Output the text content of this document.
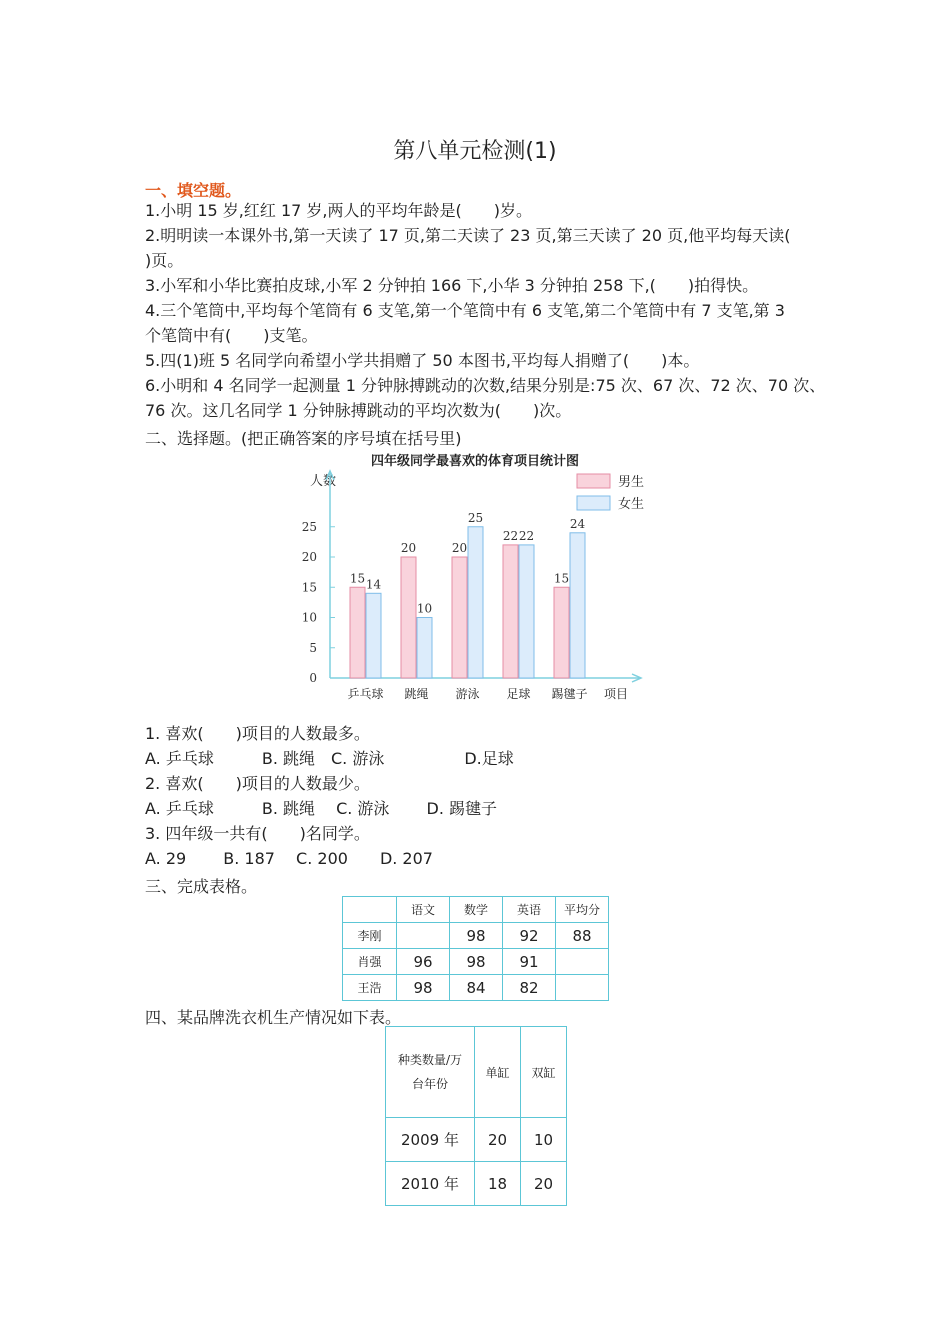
第八单元检测(1)
一、填空题。
1.小明 15 岁,红红 17 岁,两人的平均年龄是(　　)岁。
2.明明读一本课外书,第一天读了 17 页,第二天读了 23 页,第三天读了 20 页,他平均每天读(
)页。
3.小军和小华比赛拍皮球,小军 2 分钟拍 166 下,小华 3 分钟拍 258 下,(　　)拍得快。
4.三个笔筒中,平均每个笔筒有 6 支笔,第一个笔筒中有 6 支笔,第二个笔筒中有 7 支笔,第 3
个笔筒中有(　　)支笔。
5.四(1)班 5 名同学向希望小学共捐赠了 50 本图书,平均每人捐赠了(　　)本。
6.小明和 4 名同学一起测量 1 分钟脉搏跳动的次数,结果分别是:75 次、67 次、72 次、70 次、
76 次。这几名同学 1 分钟脉搏跳动的平均次数为(　　)次。
二、选择题。(把正确答案的序号填在括号里)
四年级同学最喜欢的体育项目统计图
人数
项目
0
5
10
15
20
25
15 14
乒乓球
20
10
跳绳
20
25
游泳
22 22
足球
15
24
踢毽子
男生
女生
1. 喜欢(　　)项目的人数最多。
A. 乒乓球　　　B. 跳绳　C. 游泳　　　　　D.足球
2. 喜欢(　　)项目的人数最少。
A. 乒乓球　　　B. 跳绳　 C. 游泳　　 D. 踢毽子
3. 四年级一共有(　　)名同学。
A. 29　　 B. 187　 C. 200　　D. 207
三、完成表格。
	语文	数学	英语	平均分
李刚		98	92	88
肖强	96	98	91	
王浩	98	84	82	
四、某品牌洗衣机生产情况如下表。
种类数量/万
台年份	单缸	双缸
2009 年	20	10
2010 年	18	20
